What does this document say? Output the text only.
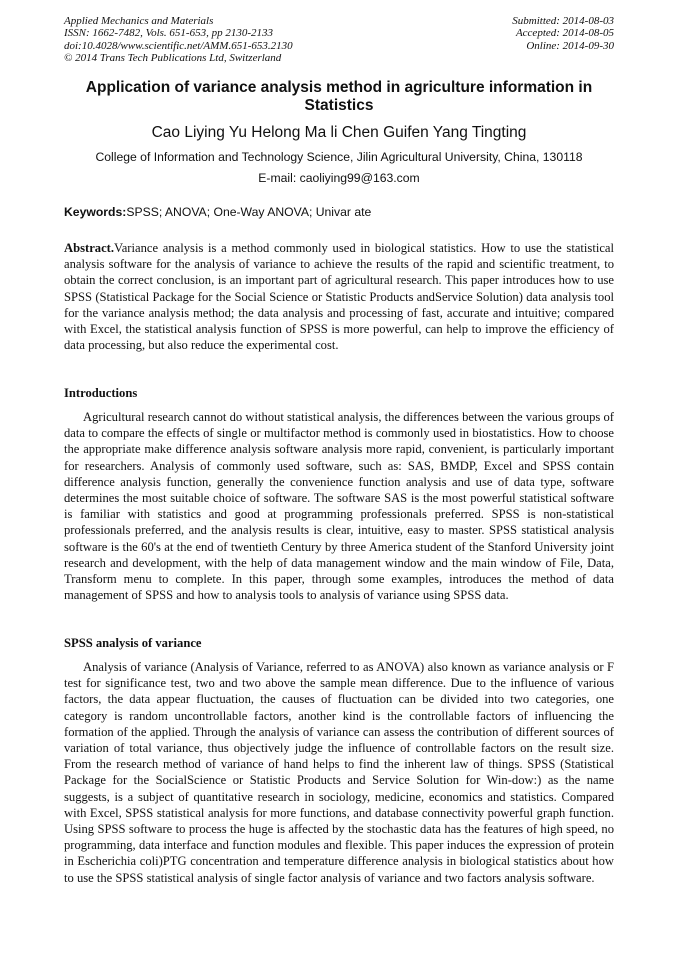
Applied Mechanics and Materials
ISSN: 1662-7482, Vols. 651-653, pp 2130-2133
doi:10.4028/www.scientific.net/AMM.651-653.2130
© 2014 Trans Tech Publications Ltd, Switzerland
Submitted: 2014-08-03
Accepted: 2014-08-05
Online: 2014-09-30
Application of variance analysis method in agriculture information in Statistics
Cao Liying Yu Helong Ma li Chen Guifen Yang Tingting
College of Information and Technology Science, Jilin Agricultural University, China, 130118
E-mail: caoliying99@163.com
Keywords:SPSS; ANOVA; One-Way ANOVA; Univar ate
Abstract.Variance analysis is a method commonly used in biological statistics. How to use the statistical analysis software for the analysis of variance to achieve the results of the rapid and scientific treatment, to obtain the correct conclusion, is an important part of agricultural research. This paper introduces how to use SPSS (Statistical Package for the Social Science or Statistic Products andService Solution) data analysis tool for the variance analysis method; the data analysis and processing of fast, accurate and intuitive; compared with Excel, the statistical analysis function of SPSS is more powerful, can help to improve the efficiency of data processing, but also reduce the experimental cost.
Introductions
Agricultural research cannot do without statistical analysis, the differences between the various groups of data to compare the effects of single or multifactor method is commonly used in biostatistics. How to choose the appropriate make difference analysis software analysis more rapid, convenient, is particularly important for researchers. Analysis of commonly used software, such as: SAS, BMDP, Excel and SPSS contain difference analysis function, generally the convenience function analysis and use of data type, software determines the most suitable choice of software. The software SAS is the most powerful statistical software is familiar with statistics and good at programming professionals preferred. SPSS is non-statistical professionals preferred, and the analysis results is clear, intuitive, easy to master. SPSS statistical analysis software is the 60's at the end of twentieth Century by three America student of the Stanford University joint research and development, with the help of data management window and the main window of File, Data, Transform menu to complete. In this paper, through some examples, introduces the method of data management of SPSS and how to analysis tools to analysis of variance using SPSS data.
SPSS analysis of variance
Analysis of variance (Analysis of Variance, referred to as ANOVA) also known as variance analysis or F test for significance test, two and two above the sample mean difference. Due to the influence of various factors, the data appear fluctuation, the causes of fluctuation can be divided into two categories, one category is random uncontrollable factors, another kind is the controllable factors of influencing the formation of the applied. Through the analysis of variance can assess the contribution of different sources of variation of total variance, thus objectively judge the influence of controllable factors on the result size. From the research method of variance of hand helps to find the inherent law of things. SPSS (Statistical Package for the SocialScience or Statistic Products and Service Solution for Win-dow:) as the name suggests, is a subject of quantitative research in sociology, medicine, economics and statistics. Compared with Excel, SPSS statistical analysis for more functions, and database connectivity powerful graph function. Using SPSS software to process the huge is affected by the stochastic data has the features of high speed, no programming, data interface and function modules and flexible. This paper induces the expression of protein in Escherichia coli)PTG concentration and temperature difference analysis in biological statistics about how to use the SPSS statistical analysis of single factor analysis of variance and two factors analysis software.
